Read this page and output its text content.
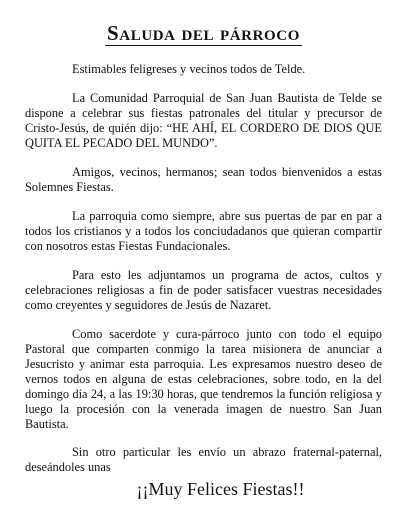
Saluda del párroco

Estimables feligreses y vecinos todos de Telde.

La Comunidad Parroquial de San Juan Bautista de Telde se dispone a celebrar sus fiestas patronales del titular y precursor de Cristo-Jesús, de quién dijo: “HE AHÍ, EL CORDERO DE DIOS QUE QUITA EL PECADO DEL MUNDO”.

Amigos, vecinos, hermanos; sean todos bienvenidos a estas Solemnes Fiestas.

La parroquia como siempre, abre sus puertas de par en par a todos los cristianos y a todos los conciudadanos que quieran compartir con nosotros estas Fiestas Fundacionales.

Para esto les adjuntamos un programa de actos, cultos y celebraciones religiosas a fin de poder satisfacer vuestras necesidades como creyentes y seguidores de Jesús de Nazaret.

Como sacerdote y cura-párroco junto con todo el equipo Pastoral que comparten conmigo la tarea misionera de anunciar a Jesucristo y animar esta parroquia. Les expresamos nuestro deseo de vernos todos en alguna de estas celebraciones, sobre todo, en la del domingo día 24, a las 19:30 horas, que tendremos la función religiosa y luego la procesión con la venerada imagen de nuestro San Juan Bautista.

Sin otro particular les envío un abrazo fraternal-paternal, deseándoles unas

¡¡Muy Felices Fiestas!!
